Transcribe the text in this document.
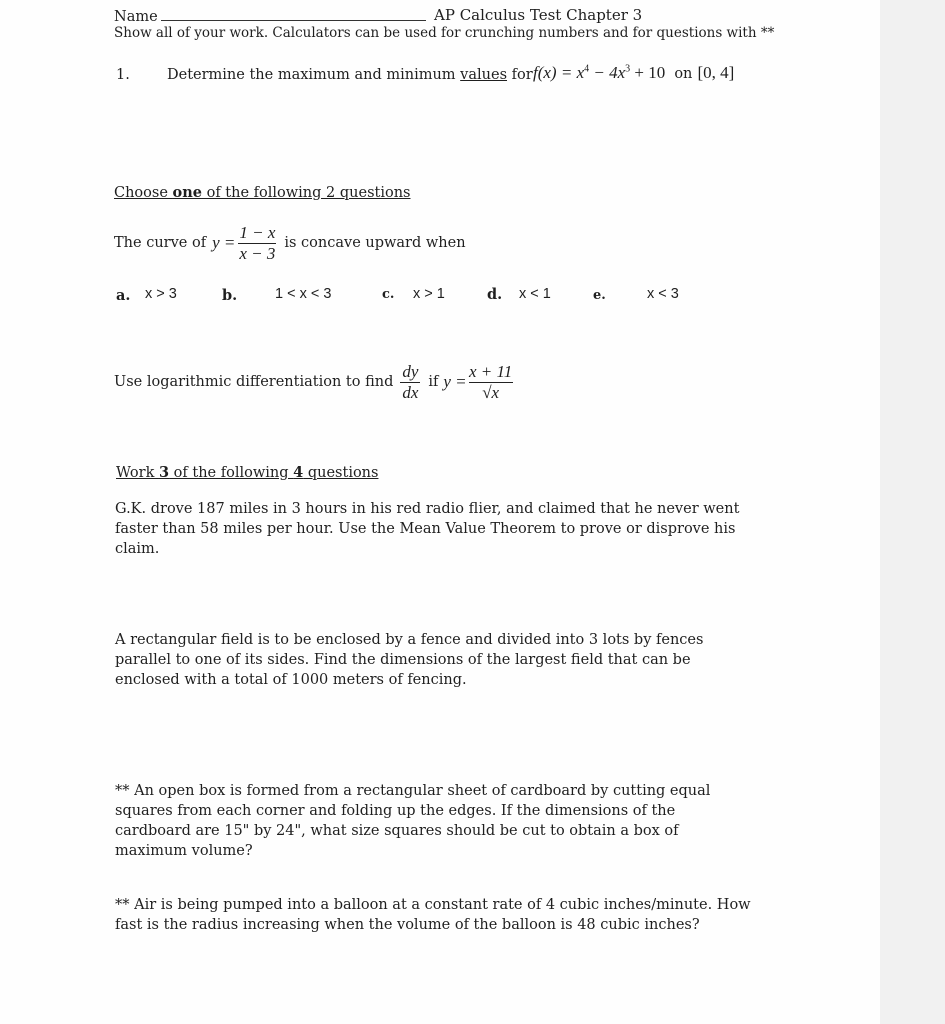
Name	AP Calculus Test Chapter 3
Show all of your work. Calculators can be used for crunching numbers and for questions with **
1.	Determine the maximum and minimum values for $f(x) = x^4 - 4x^3 + 10$ on [0, 4]
Choose one of the following 2 questions
The curve of $y = \frac{1 - x}{x - 3}$ is concave upward when
a. x > 3	b.	1 < x < 3	c. x > 1	d. x < 1	e.	x < 3
Use logarithmic differentiation to find $\frac{dy}{dx}$ if $y = \frac{x + 11}{√x}$
Work 3 of the following 4 questions
G.K. drove 187 miles in 3 hours in his red radio flier, and claimed that he never went faster than 58 miles per hour. Use the Mean Value Theorem to prove or disprove his claim.
A rectangular field is to be enclosed by a fence and divided into 3 lots by fences parallel to one of its sides. Find the dimensions of the largest field that can be enclosed with a total of 1000 meters of fencing.
** An open box is formed from a rectangular sheet of cardboard by cutting equal squares from each corner and folding up the edges. If the dimensions of the cardboard are 15" by 24", what size squares should be cut to obtain a box of maximum volume?
** Air is being pumped into a balloon at a constant rate of 4 cubic inches/minute. How fast is the radius increasing when the volume of the balloon is 48 cubic inches?
